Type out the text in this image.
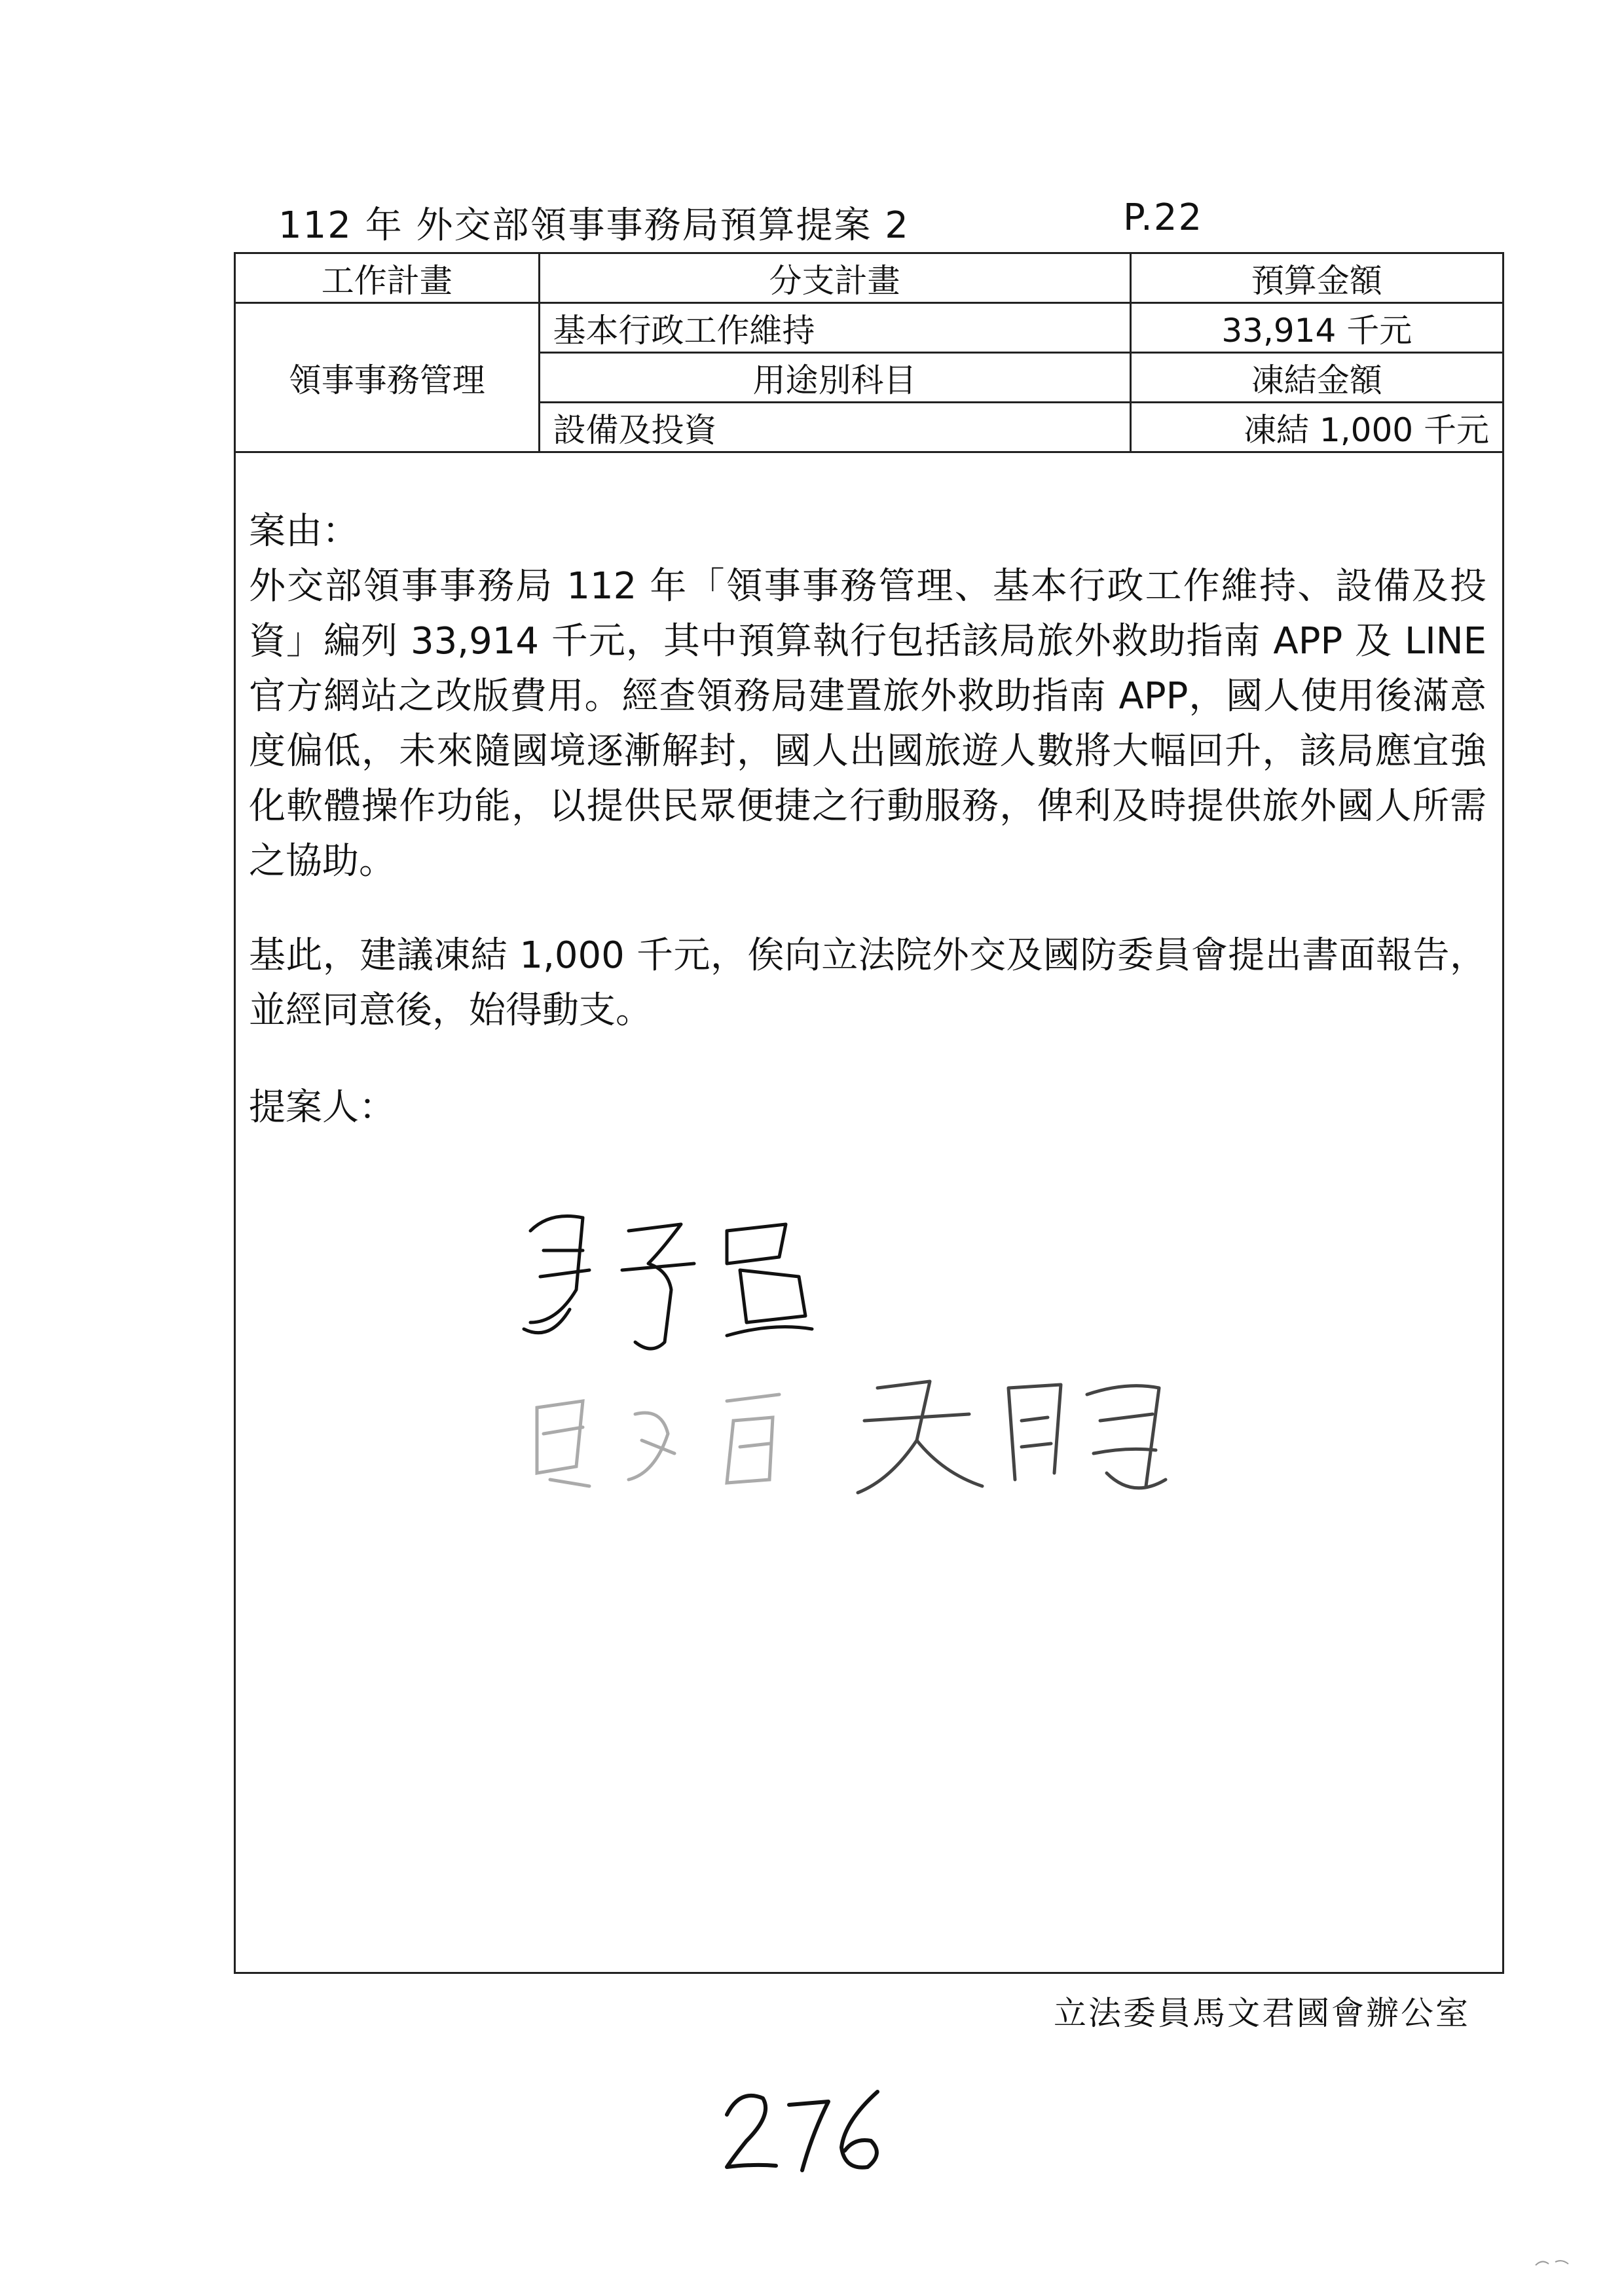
112 年 外交部領事事務局預算提案 2	P.22
工作計畫	分支計畫	預算金額
領事事務管理	基本行政工作維持	33,914 千元
	用途別科目	凍結金額
	設備及投資	凍結 1,000 千元

案由：

外交部領事事務局 112 年「領事事務管理、基本行政工作維持、設備及投資」編列 33,914 千元，其中預算執行包括該局旅外救助指南 APP 及 LINE 官方網站之改版費用。經查領務局建置旅外救助指南 APP，國人使用後滿意度偏低，未來隨國境逐漸解封，國人出國旅遊人數將大幅回升，該局應宜強化軟體操作功能，以提供民眾便捷之行動服務，俾利及時提供旅外國人所需之協助。

基此，建議凍結 1,000 千元，俟向立法院外交及國防委員會提出書面報告，並經同意後，始得動支。

提案人：

立法委員馬文君國會辦公室
